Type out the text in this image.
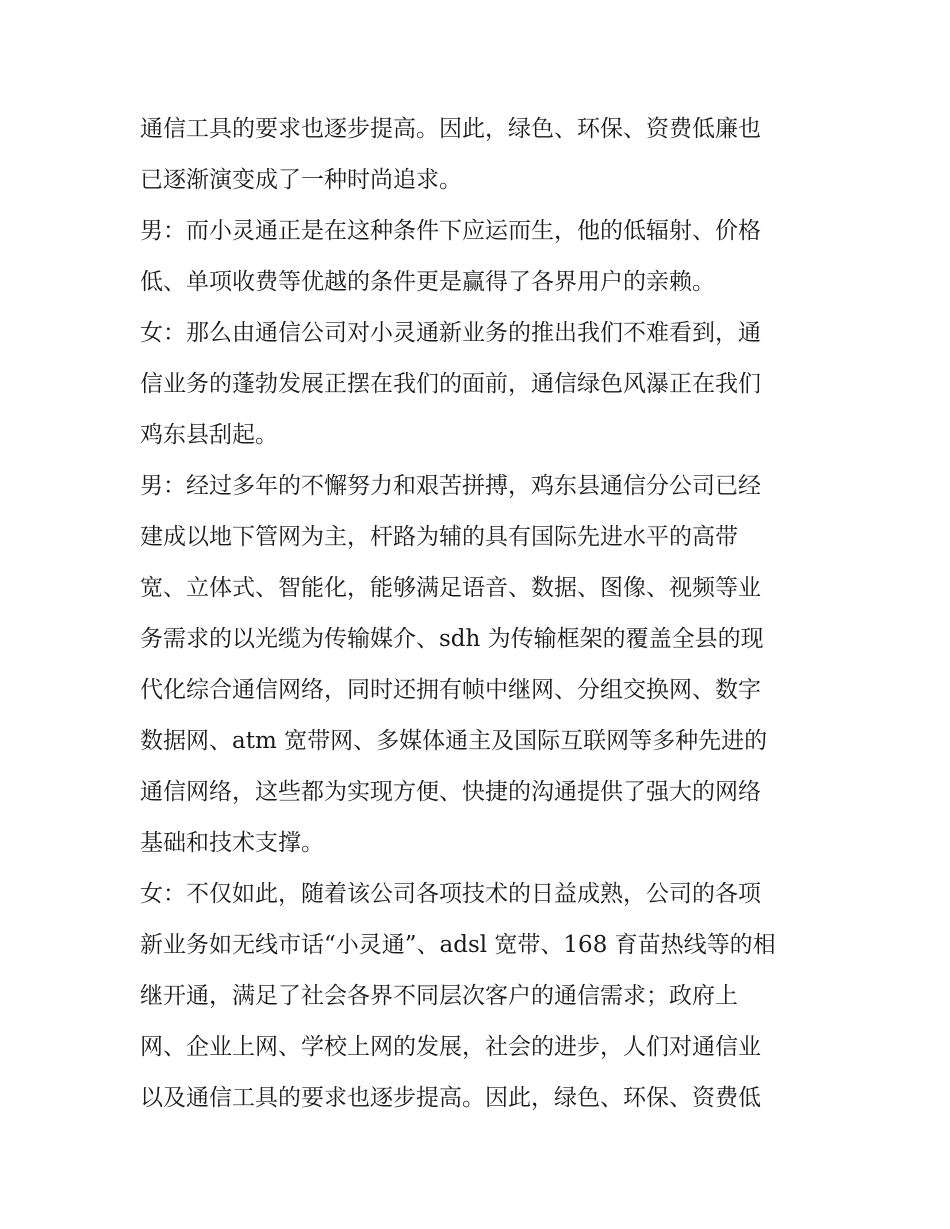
通信工具的要求也逐步提高。因此，绿色、环保、资费低廉也
已逐渐演变成了一种时尚追求。
男：而小灵通正是在这种条件下应运而生，他的低辐射、价格
低、单项收费等优越的条件更是赢得了各界用户的亲赖。
女：那么由通信公司对小灵通新业务的推出我们不难看到，通
信业务的蓬勃发展正摆在我们的面前，通信绿色风瀑正在我们
鸡东县刮起。
男：经过多年的不懈努力和艰苦拼搏，鸡东县通信分公司已经
建成以地下管网为主，杆路为辅的具有国际先进水平的高带
宽、立体式、智能化，能够满足语音、数据、图像、视频等业
务需求的以光缆为传输媒介、sdh 为传输框架的覆盖全县的现
代化综合通信网络，同时还拥有帧中继网、分组交换网、数字
数据网、atm 宽带网、多媒体通主及国际互联网等多种先进的
通信网络，这些都为实现方便、快捷的沟通提供了强大的网络
基础和技术支撑。
女：不仅如此，随着该公司各项技术的日益成熟，公司的各项
新业务如无线市话“小灵通”、adsl 宽带、168 育苗热线等的相
继开通，满足了社会各界不同层次客户的通信需求；政府上
网、企业上网、学校上网的发展，社会的进步，人们对通信业
以及通信工具的要求也逐步提高。因此，绿色、环保、资费低
